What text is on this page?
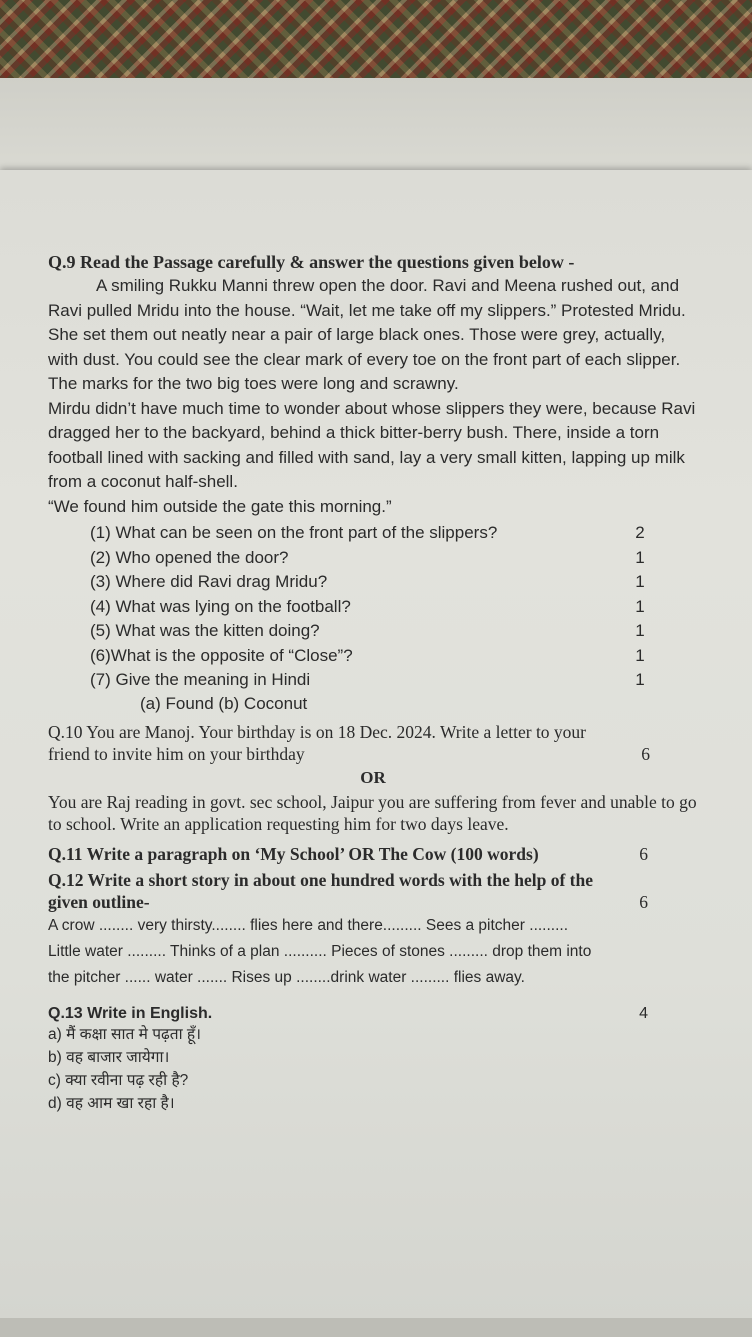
Q.9 Read the Passage carefully & answer the questions given below -

A smiling Rukku Manni threw open the door. Ravi and Meena rushed out, and Ravi pulled Mridu into the house. “Wait, let me take off my slippers.” Protested Mridu. She set them out neatly near a pair of large black ones. Those were grey, actually, with dust. You could see the clear mark of every toe on the front part of each slipper. The marks for the two big toes were long and scrawny.

Mirdu didn’t have much time to wonder about whose slippers they were, because Ravi dragged her to the backyard, behind a thick bitter-berry bush. There, inside a torn football lined with sacking and filled with sand, lay a very small kitten, lapping up milk from a coconut half-shell.

“We found him outside the gate this morning.”

(1) What can be seen on the front part of the slippers?	2
(2) Who opened the door?	1
(3) Where did Ravi drag Mridu?	1
(4) What was lying on the football?	1
(5) What was the kitten doing?	1
(6)What is the opposite of “Close”?	1
(7) Give the meaning in Hindi	1
(a) Found (b) Coconut
Q.10 You are Manoj. Your birthday is on 18 Dec. 2024. Write a letter to your
friend to invite him on your birthday	6
OR
You are Raj reading in govt. sec school, Jaipur you are suffering from fever and unable to go to school. Write an application requesting him for two days leave.
Q.11 Write a paragraph on ‘My School’ OR The Cow (100 words)	6
Q.12 Write a short story in about one hundred words with the help of the
given outline-	6
A crow ........ very thirsty........ flies here and there......... Sees a pitcher .........
Little water ......... Thinks of a plan .......... Pieces of stones ......... drop them into
the pitcher ...... water ....... Rises up ........drink water ......... flies away.
Q.13 Write in English.	4
a) मैं कक्षा सात मे पढ़ता हूँ।
b) वह बाजार जायेगा।
c) क्या रवीना पढ़ रही है?
d) वह आम खा रहा है।
